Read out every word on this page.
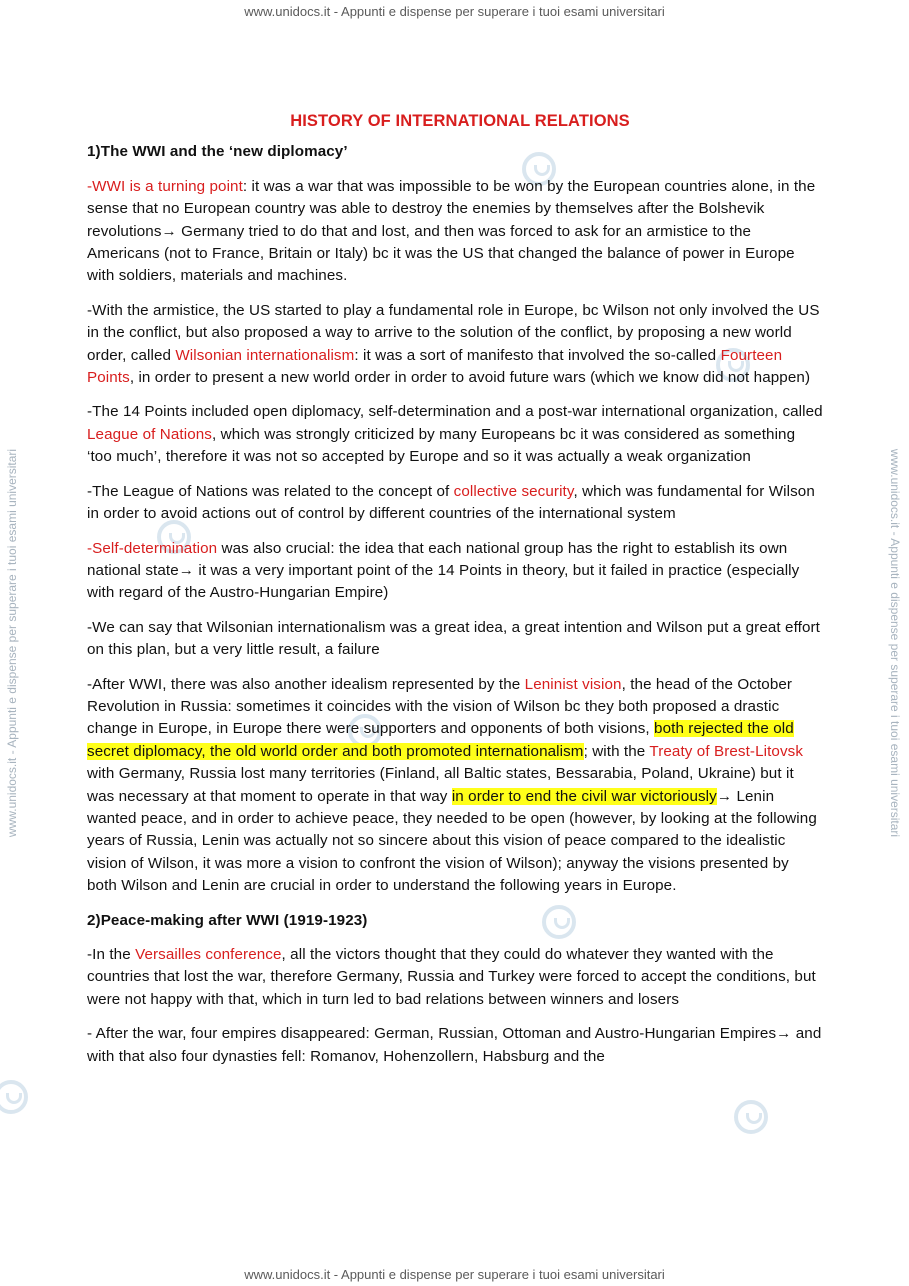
www.unidocs.it - Appunti e dispense per superare i tuoi esami universitari
www.unidocs.it - Appunti e dispense per superare i tuoi esami universitari
www.unidocs.it - Appunti e dispense per superare i tuoi esami universitari	www.unidocs.it - Appunti e dispense per superare i tuoi esami universitari
HISTORY OF INTERNATIONAL RELATIONS
1)The WWI and the ‘new diplomacy’
-WWI is a turning point: it was a war that was impossible to be won by the European countries alone, in the sense that no European country was able to destroy the enemies by themselves after the Bolshevik revolutions→ Germany tried to do that and lost, and then was forced to ask for an armistice to the Americans (not to France, Britain or Italy) bc it was the US that changed the balance of power in Europe with soldiers, materials and machines.
-With the armistice, the US started to play a fundamental role in Europe, bc Wilson not only involved the US in the conflict, but also proposed a way to arrive to the solution of the conflict, by proposing a new world order, called Wilsonian internationalism: it was a sort of manifesto that involved the so-called Fourteen Points, in order to present a new world order in order to avoid future wars (which we know did not happen)
-The 14 Points included open diplomacy, self-determination and a post-war international organization, called League of Nations, which was strongly criticized by many Europeans bc it was considered as something ‘too much’, therefore it was not so accepted by Europe and so it was actually a weak organization
-The League of Nations was related to the concept of collective security, which was fundamental for Wilson in order to avoid actions out of control by different countries of the international system
-Self-determination was also crucial: the idea that each national group has the right to establish its own national state→ it was a very important point of the 14 Points in theory, but it failed in practice (especially with regard of the Austro-Hungarian Empire)
-We can say that Wilsonian internationalism was a great idea, a great intention and Wilson put a great effort on this plan, but a very little result, a failure
-After WWI, there was also another idealism represented by the Leninist vision, the head of the October Revolution in Russia: sometimes it coincides with the vision of Wilson bc they both proposed a drastic change in Europe, in Europe there were supporters and opponents of both visions, both rejected the old secret diplomacy, the old world order and both promoted internationalism; with the Treaty of Brest-Litovsk with Germany, Russia lost many territories (Finland, all Baltic states, Bessarabia, Poland, Ukraine) but it was necessary at that moment to operate in that way in order to end the civil war victoriously→ Lenin wanted peace, and in order to achieve peace, they needed to be open (however, by looking at the following years of Russia, Lenin was actually not so sincere about this vision of peace compared to the idealistic vision of Wilson, it was more a vision to confront the vision of Wilson); anyway the visions presented by both Wilson and Lenin are crucial in order to understand the following years in Europe.
2)Peace-making after WWI (1919-1923)
-In the Versailles conference, all the victors thought that they could do whatever they wanted with the countries that lost the war, therefore Germany, Russia and Turkey were forced to accept the conditions, but were not happy with that, which in turn led to bad relations between winners and losers
- After the war, four empires disappeared: German, Russian, Ottoman and Austro-Hungarian Empires→ and with that also four dynasties fell: Romanov, Hohenzollern, Habsburg and the
